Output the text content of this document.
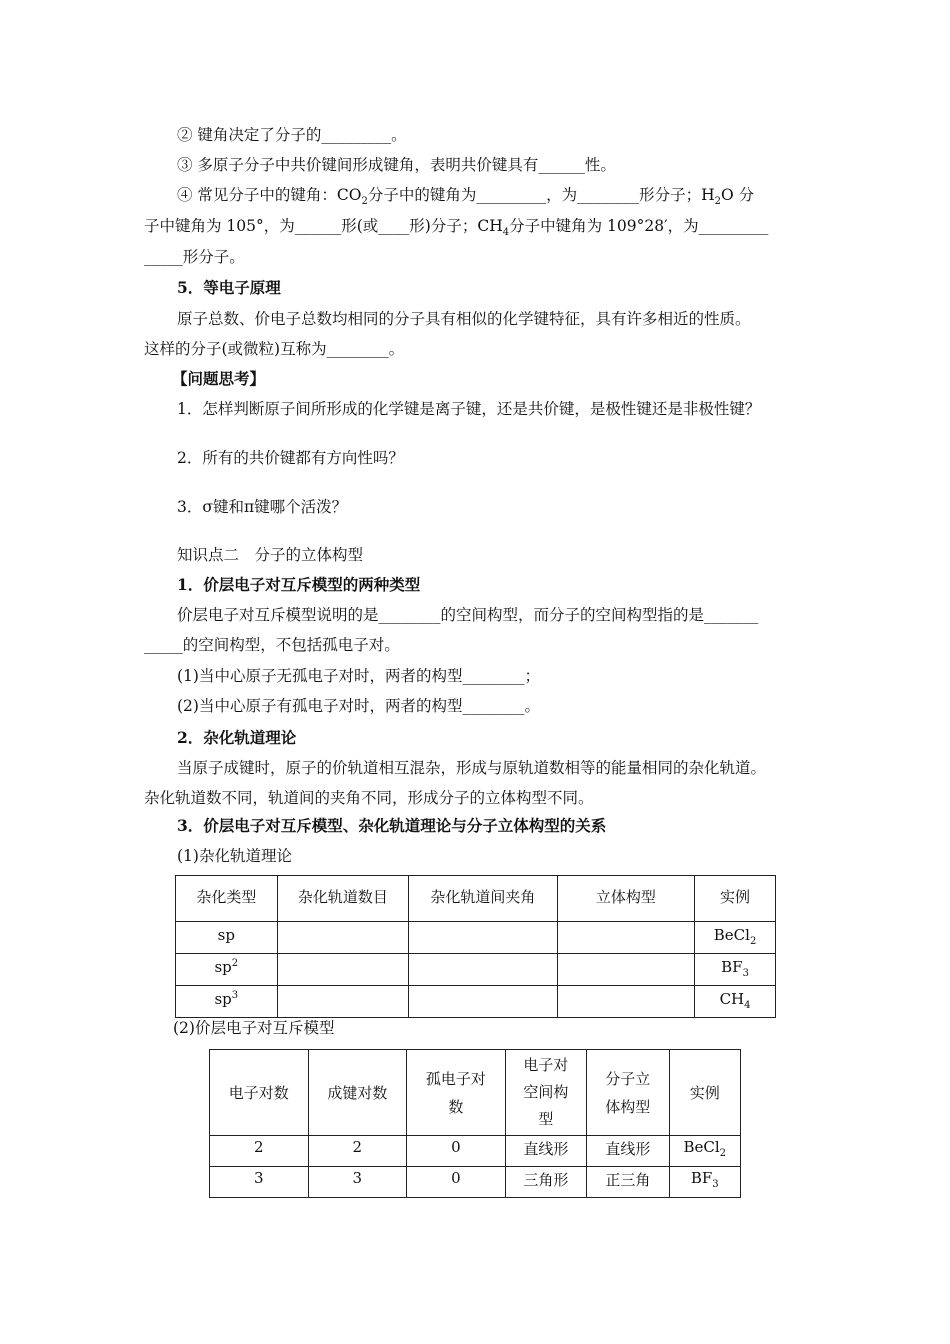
② 键角决定了分子的_________。
③ 多原子分子中共价键间形成键角，表明共价键具有______性。
④ 常见分子中的键角：$CO_2$分子中的键角为_________，为________形分子；$H_2O$ 分
子中键角为 105°，为______形(或____形)分子；$CH_4$分子中键角为 109°28′，为_________
_____形分子。
5．等电子原理
原子总数、价电子总数均相同的分子具有相似的化学键特征，具有许多相近的性质。
这样的分子(或微粒)互称为________。
【问题思考】
1．怎样判断原子间所形成的化学键是离子键，还是共价键，是极性键还是非极性键？
2．所有的共价键都有方向性吗？
3．σ键和π键哪个活泼？
知识点二　分子的立体构型
1．价层电子对互斥模型的两种类型
价层电子对互斥模型说明的是________的空间构型，而分子的空间构型指的是_______
_____的空间构型，不包括孤电子对。
(1)当中心原子无孤电子对时，两者的构型________；
(2)当中心原子有孤电子对时，两者的构型________。
2．杂化轨道理论
当原子成键时，原子的价轨道相互混杂，形成与原轨道数相等的能量相同的杂化轨道。
杂化轨道数不同，轨道间的夹角不同，形成分子的立体构型不同。
3．价层电子对互斥模型、杂化轨道理论与分子立体构型的关系
(1)杂化轨道理论
杂化类型	杂化轨道数目	杂化轨道间夹角	立体构型	实例
sp				BeCl$_2$
$sp^2$				$BF_3$
$sp^3$				$CH_4$
(2)价层电子对互斥模型
电子对数	成键对数	孤电子对数	电子对空间构型	分子立体构型	实例
2	2	0	直线形	直线形	BeCl$_2$
3	3	0	三角形	正三角	$BF_3$
